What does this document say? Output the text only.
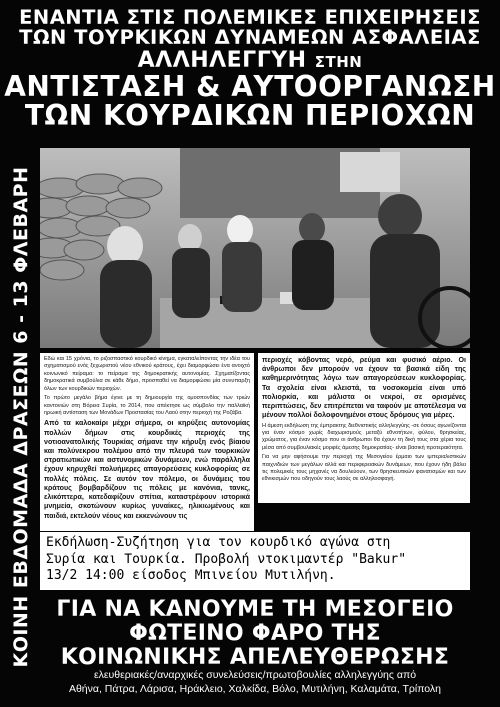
ΕΝΑΝΤΙΑ ΣΤΙΣ ΠΟΛΕΜΙΚΕΣ ΕΠΙΧΕΙΡΗΣΕΙΣ
ΤΩΝ ΤΟΥΡΚΙΚΩΝ ΔΥΝΑΜΕΩΝ ΑΣΦΑΛΕΙΑΣ
ΑΛΛΗΛΕΓΓΥΗ ΣΤΗΝ
ΑΝΤΙΣΤΑΣΗ & ΑΥΤΟΟΡΓΑΝΩΣΗ
ΤΩΝ ΚΟΥΡΔΙΚΩΝ ΠΕΡΙΟΧΩΝ
ΚΟΙΝΗ ΕΒΔΟΜΑΔΑ ΔΡΑΣΕΩΝ 6 - 13 ΦΛΕΒΑΡΗ Εδώ και 15 χρόνια, το ριζοσπαστικό κουρδικό κίνημα, εγκαταλείποντας την ιδέα του σχηματισμού ενός ξεχωριστού νέου εθνικού κράτους, έχει διαμορφώσει ένα ανοιχτό κοινωνικό πείραμα: το πείραμα της δημοκρατικής αυτονομίας. Σχηματίζοντας δημοκρατικά συμβούλια σε κάθε δήμο, προσπαθεί να διαμορφώσει μία συνυπαρξη όλων των κουρδικών περιοχών.

Το πρώτο μεγάλο βήμα έγινε με τη δημιουργία της ομοσπονδίας των τριών καντονιών στη Βόρεια Συρία, το 2014, που απέκτησε ως σύμβολο την παλλαϊκή ηρωική αντίσταση των Μονάδων Προστασίας του Λαού στην περιοχή της Ροζάβα.

Από τα καλοκαίρι μέχρι σήμερα, οι κηρύξεις αυτονομίας πολλών δήμων στις κουρδικές περιοχές της νοτιοανατολικής Τουρκίας σήμανε την κήρυξη ενός βίαιου και πολύνεκρου πολέμου από την πλευρά των τουρκικών στρατιωτικών και αστυνομικών δυνάμεων, ενώ παράλληλα έχουν κηρυχθεί πολυήμερες απαγορεύσεις κυκλοφορίας σε πολλές πόλεις. Σε αυτόν τον πόλεμο, οι δυνάμεις του κράτους βομβαρδίζουν τις πόλεις με κανόνια, τανκς, ελικόπτερα, κατεδαφίζουν σπίτια, καταστρέφουν ιστορικά μνημεία, σκοτώνουν κυρίως γυναίκες, ηλικιωμένους και παιδιά, εκτελούν νέους και εκκενώνουν τις

περιοχές κόβοντας νερό, ρεύμα και φυσικό αέριο. Οι άνθρωποι δεν μπορούν να έχουν τα βασικά είδη της καθημερινότητας λόγω των απαγορεύσεων κυκλοφορίας. Τα σχολεία είναι κλειστά, τα νοσοκομεία είναι υπό πολιορκία, και μάλιστα οι νεκροί, σε ορισμένες περιπτώσεις, δεν επιτρέπεται να ταφούν με αποτέλεσμα να μένουν πολλοί δολοφονημένοι στους δρόμους για μέρες.

Η άμεση εκδήλωση της έμπρακτης διεθνιστικής αλληλεγγύης -σε όσους αγωνίζονται για έναν κόσμο χωρίς διαχωρισμούς μεταξύ εθνοτήτων, φύλου, θρησκείας, χρώματος, για έναν κόσμο που οι άνθρωποι θα έχουν τη δική τους στα χέρια τους μέσα από συμβουλιακές μορφές άμεσης δημοκρατίας- είναι βασική προτεραιότητα.

Για να μην αφήσουμε την περιοχή της Μεσογείου έρμαιο των ιμπεριαλιστικών παιχνιδιών των μεγάλων αλλά και περιφερειακών δυνάμεων, που έχουν ήδη βάλει τις πολεμικές τους μηχανές να δουλεύουν, των θρησκευτικών φανατισμών και των εθνικισμών που οδηγούν τους λαούς σε αλληλοσφαγή.

Εκδήλωση-Συζήτηση για τον κουρδικό αγώνα στη
Συρία και Τουρκία. Προβολή ντοκιμαντέρ "Bakur"
13/2 14:00 είσοδος Μπινείου Μυτιλήνη.
ΓΙΑ ΝΑ ΚΑΝΟΥΜΕ ΤΗ ΜΕΣΟΓΕΙΟ
ΦΩΤΕΙΝΟ ΦΑΡΟ ΤΗΣ
ΚΟΙΝΩΝΙΚΗΣ ΑΠΕΛΕΥΘΕΡΩΣΗΣ
ελευθεριακές/αναρχικές συνελεύσεις/πρωτοβουλίες αλληλεγγύης από
Αθήνα, Πάτρα, Λάρισα, Ηράκλειο, Χαλκίδα, Βόλο, Μυτιλήνη, Καλαμάτα, Τρίπολη
